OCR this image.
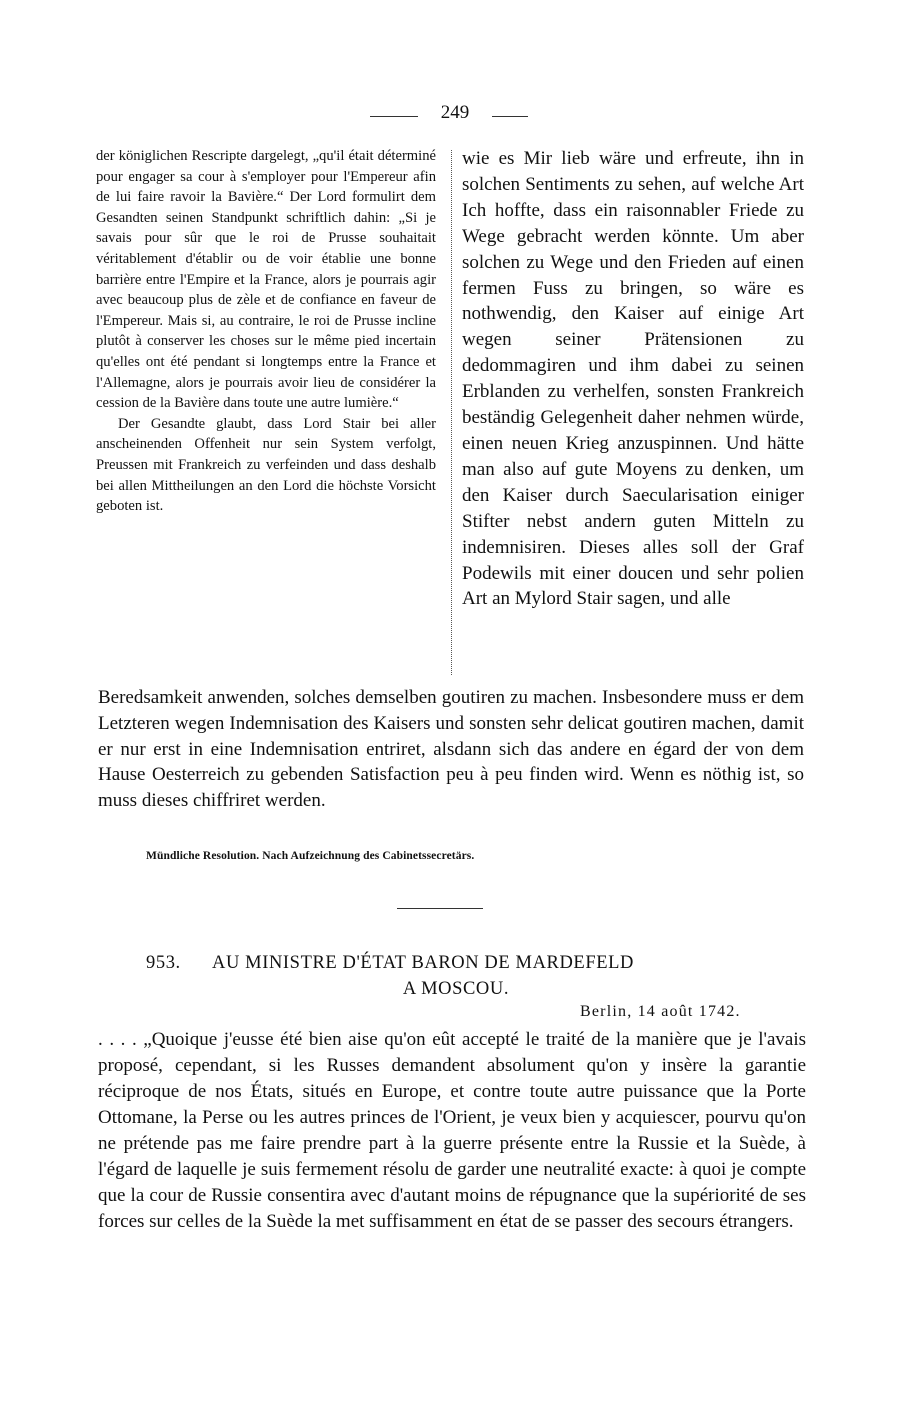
249

der königlichen Rescripte dargelegt, „qu'il était déterminé pour engager sa cour à s'employer pour l'Empereur afin de lui faire ravoir la Bavière.“ Der Lord formulirt dem Gesandten seinen Standpunkt schriftlich dahin: „Si je savais pour sûr que le roi de Prusse souhaitait véritablement d'établir ou de voir établie une bonne barrière entre l'Empire et la France, alors je pourrais agir avec beaucoup plus de zèle et de confiance en faveur de l'Empereur. Mais si, au contraire, le roi de Prusse incline plutôt à conserver les choses sur le même pied incertain qu'elles ont été pendant si longtemps entre la France et l'Allemagne, alors je pourrais avoir lieu de considérer la cession de la Bavière dans toute une autre lumière.“

Der Gesandte glaubt, dass Lord Stair bei aller anscheinenden Offenheit nur sein System verfolgt, Preussen mit Frankreich zu verfeinden und dass deshalb bei allen Mittheilungen an den Lord die höchste Vorsicht geboten ist.

wie es Mir lieb wäre und erfreute, ihn in solchen Sentiments zu sehen, auf welche Art Ich hoffte, dass ein raisonnabler Friede zu Wege gebracht werden könnte. Um aber solchen zu Wege und den Frieden auf einen fermen Fuss zu bringen, so wäre es nothwendig, den Kaiser auf einige Art wegen seiner Prätensionen zu dedommagiren und ihm dabei zu seinen Erblanden zu verhelfen, sonsten Frankreich beständig Gelegenheit daher nehmen würde, einen neuen Krieg anzuspinnen. Und hätte man also auf gute Moyens zu denken, um den Kaiser durch Saecularisation einiger Stifter nebst andern guten Mitteln zu indemnisiren. Dieses alles soll der Graf Podewils mit einer doucen und sehr polien Art an Mylord Stair sagen, und alle

Beredsamkeit anwenden, solches demselben goutiren zu machen. Insbesondere muss er dem Letzteren wegen Indemnisation des Kaisers und sonsten sehr delicat goutiren machen, damit er nur erst in eine Indemnisation entriret, alsdann sich das andere en égard der von dem Hause Oesterreich zu gebenden Satisfaction peu à peu finden wird. Wenn es nöthig ist, so muss dieses chiffriret werden.

Mündliche Resolution. Nach Aufzeichnung des Cabinetssecretärs.
953. AU MINISTRE D'ÉTAT BARON DE MARDEFELD
A MOSCOU.
Berlin, 14 août 1742.

. . . . „Quoique j'eusse été bien aise qu'on eût accepté le traité de la manière que je l'avais proposé, cependant, si les Russes demandent absolument qu'on y insère la garantie réciproque de nos États, situés en Europe, et contre toute autre puissance que la Porte Ottomane, la Perse ou les autres princes de l'Orient, je veux bien y acquiescer, pourvu qu'on ne prétende pas me faire prendre part à la guerre présente entre la Russie et la Suède, à l'égard de laquelle je suis fermement résolu de garder une neutralité exacte: à quoi je compte que la cour de Russie consentira avec d'autant moins de répugnance que la supériorité de ses forces sur celles de la Suède la met suffisamment en état de se passer des secours étrangers.
